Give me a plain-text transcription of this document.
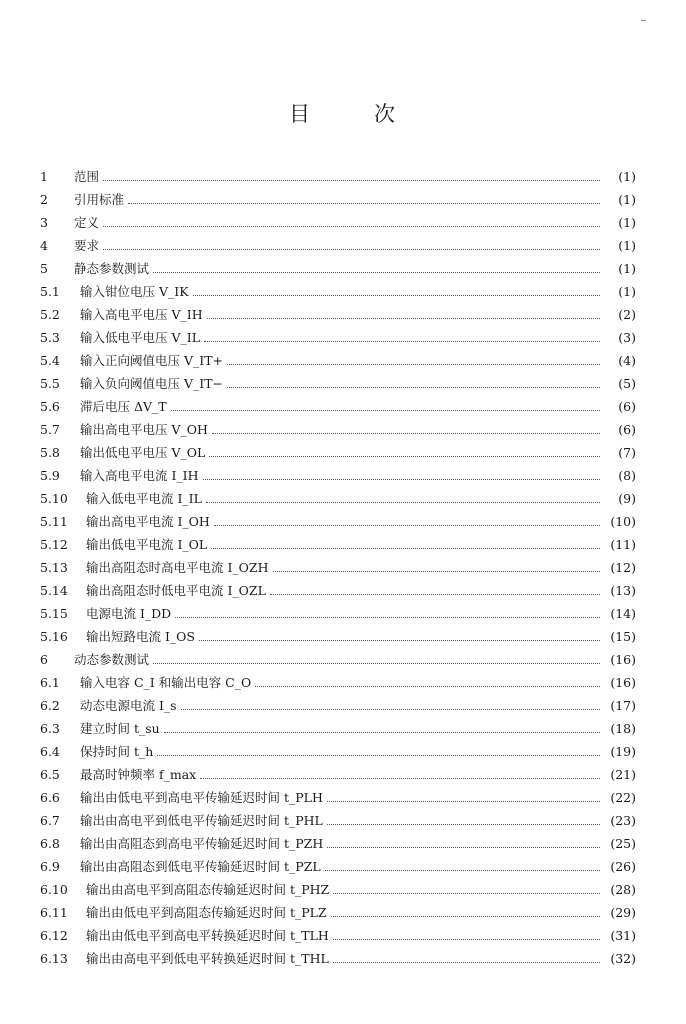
目	次
1	范围	(1)
2	引用标准	(1)
3	定义	(1)
4	要求	(1)
5	静态参数测试	(1)
5.1	输入钳位电压 V_IK	(1)
5.2	输入高电平电压 V_IH	(2)
5.3	输入低电平电压 V_IL	(3)
5.4	输入正向阈值电压 V_IT+	(4)
5.5	输入负向阈值电压 V_IT−	(5)
5.6	滞后电压 ΔV_T	(6)
5.7	输出高电平电压 V_OH	(6)
5.8	输出低电平电压 V_OL	(7)
5.9	输入高电平电流 I_IH	(8)
5.10	输入低电平电流 I_IL	(9)
5.11	输出高电平电流 I_OH	(10)
5.12	输出低电平电流 I_OL	(11)
5.13	输出高阻态时高电平电流 I_OZH	(12)
5.14	输出高阻态时低电平电流 I_OZL	(13)
5.15	电源电流 I_DD	(14)
5.16	输出短路电流 I_OS	(15)
6	动态参数测试	(16)
6.1	输入电容 C_I 和输出电容 C_O	(16)
6.2	动态电源电流 I_s	(17)
6.3	建立时间 t_su	(18)
6.4	保持时间 t_h	(19)
6.5	最高时钟频率 f_max	(21)
6.6	输出由低电平到高电平传输延迟时间 t_PLH	(22)
6.7	输出由高电平到低电平传输延迟时间 t_PHL	(23)
6.8	输出由高阻态到高电平传输延迟时间 t_PZH	(25)
6.9	输出由高阻态到低电平传输延迟时间 t_PZL	(26)
6.10	输出由高电平到高阻态传输延迟时间 t_PHZ	(28)
6.11	输出由低电平到高阻态传输延迟时间 t_PLZ	(29)
6.12	输出由低电平到高电平转换延迟时间 t_TLH	(31)
6.13	输出由高电平到低电平转换延迟时间 t_THL	(32)
